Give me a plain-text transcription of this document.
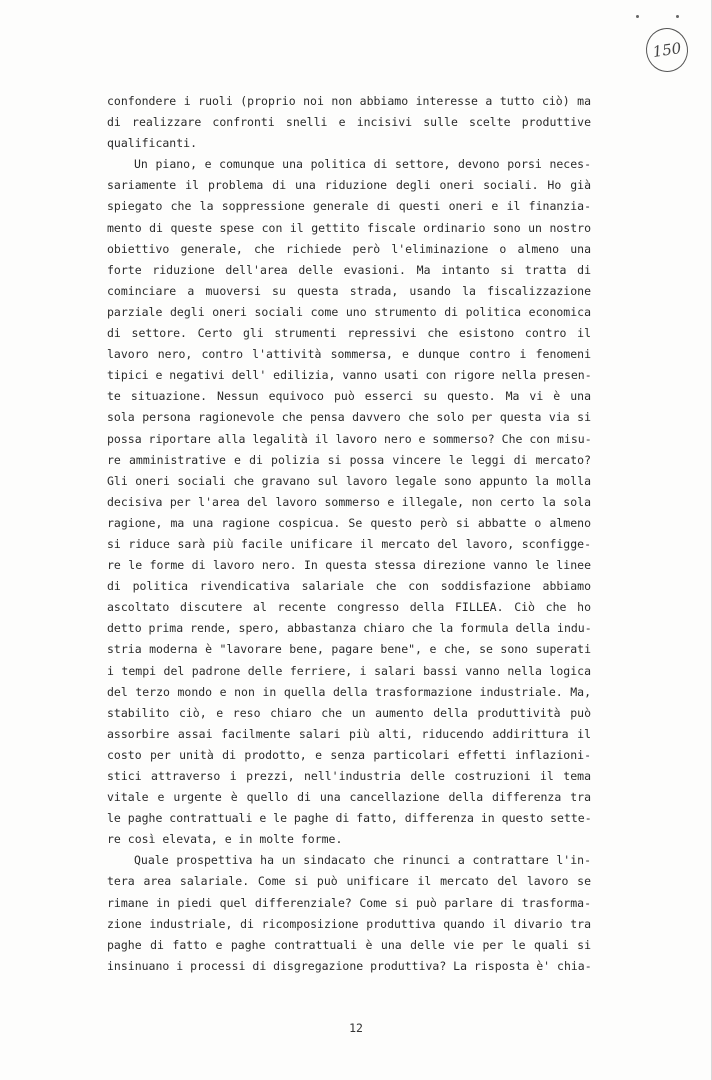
150
confondere i ruoli (proprio noi non abbiamo interesse a tutto ciò) ma
di realizzare confronti snelli e incisivi sulle scelte produttive
qualificanti.
Un piano, e comunque una politica di settore, devono porsi neces-
sariamente il problema di una riduzione degli oneri sociali. Ho già
spiegato che la soppressione generale di questi oneri e il finanzia-
mento di queste spese con il gettito fiscale ordinario sono un nostro
obiettivo generale, che richiede però l'eliminazione o almeno una
forte riduzione dell'area delle evasioni. Ma intanto si tratta di
cominciare a muoversi su questa strada, usando la fiscalizzazione
parziale degli oneri sociali come uno strumento di politica economica
di settore. Certo gli strumenti repressivi che esistono contro il
lavoro nero, contro l'attività sommersa, e dunque contro i fenomeni
tipici e negativi dell' edilizia, vanno usati con rigore nella presen-
te situazione. Nessun equivoco può esserci su questo. Ma vi è una
sola persona ragionevole che pensa davvero che solo per questa via si
possa riportare alla legalità il lavoro nero e sommerso? Che con misu-
re amministrative e di polizia si possa vincere le leggi di mercato?
Gli oneri sociali che gravano sul lavoro legale sono appunto la molla
decisiva per l'area del lavoro sommerso e illegale, non certo la sola
ragione, ma una ragione cospicua. Se questo però si abbatte o almeno
si riduce sarà più facile unificare il mercato del lavoro, sconfigge-
re le forme di lavoro nero. In questa stessa direzione vanno le linee
di politica rivendicativa salariale che con soddisfazione abbiamo
ascoltato discutere al recente congresso della FILLEA. Ciò che ho
detto prima rende, spero, abbastanza chiaro che la formula della indu-
stria moderna è "lavorare bene, pagare bene", e che, se sono superati
i tempi del padrone delle ferriere, i salari bassi vanno nella logica
del terzo mondo e non in quella della trasformazione industriale. Ma,
stabilito ciò, e reso chiaro che un aumento della produttività può
assorbire assai facilmente salari più alti, riducendo addirittura il
costo per unità di prodotto, e senza particolari effetti inflazioni-
stici attraverso i prezzi, nell'industria delle costruzioni il tema
vitale e urgente è quello di una cancellazione della differenza tra
le paghe contrattuali e le paghe di fatto, differenza in questo sette-
re così elevata, e in molte forme.
Quale prospettiva ha un sindacato che rinunci a contrattare l'in-
tera area salariale. Come si può unificare il mercato del lavoro se
rimane in piedi quel differenziale? Come si può parlare di trasforma-
zione industriale, di ricomposizione produttiva quando il divario tra
paghe di fatto e paghe contrattuali è una delle vie per le quali si
insinuano i processi di disgregazione produttiva? La risposta è' chia-
12
